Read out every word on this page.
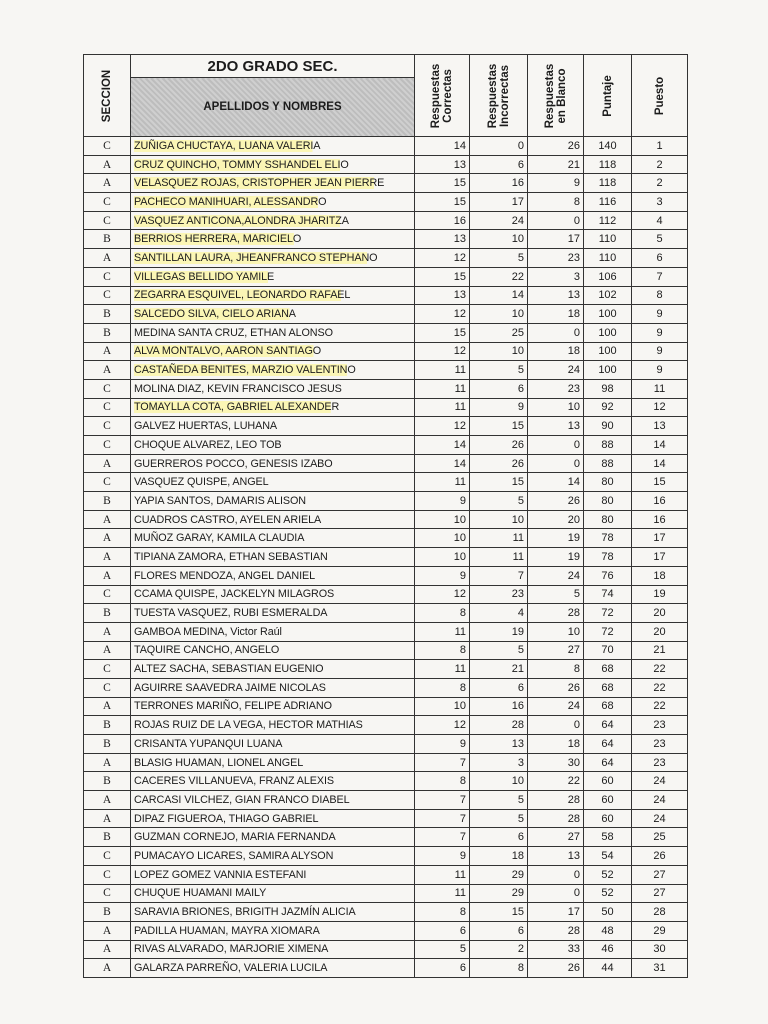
SECCION	2DO GRADO SEC.	Respuestas Correctas	Respuestas Incorrectas	Respuestas en Blanco	Puntaje	Puesto

	APELLIDOS Y NOMBRES					
C	ZUÑIGA CHUCTAYA, LUANA VALERIA	14	0	26	140	1
A	CRUZ QUINCHO, TOMMY SSHANDEL ELIO	13	6	21	118	2
A	VELASQUEZ ROJAS, CRISTOPHER JEAN PIERRE	15	16	9	118	2
C	PACHECO MANIHUARI, ALESSANDRO	15	17	8	116	3
C	VASQUEZ ANTICONA,ALONDRA JHARITZA	16	24	0	112	4
B	BERRIOS HERRERA, MARICIELO	13	10	17	110	5
A	SANTILLAN LAURA, JHEANFRANCO STEPHANO	12	5	23	110	6
C	VILLEGAS BELLIDO YAMILE	15	22	3	106	7
C	ZEGARRA ESQUIVEL, LEONARDO RAFAEL	13	14	13	102	8
B	SALCEDO SILVA, CIELO ARIANA	12	10	18	100	9
B	MEDINA SANTA CRUZ, ETHAN ALONSO	15	25	0	100	9
A	ALVA MONTALVO, AARON SANTIAGO	12	10	18	100	9
A	CASTAÑEDA BENITES, MARZIO VALENTINO	11	5	24	100	9
C	MOLINA DIAZ, KEVIN FRANCISCO JESUS	11	6	23	98	11
C	TOMAYLLA COTA, GABRIEL ALEXANDER	11	9	10	92	12
C	GALVEZ HUERTAS, LUHANA	12	15	13	90	13
C	CHOQUE ALVAREZ, LEO TOB	14	26	0	88	14
A	GUERREROS POCCO, GENESIS IZABO	14	26	0	88	14
C	VASQUEZ QUISPE, ANGEL	11	15	14	80	15
B	YAPIA SANTOS, DAMARIS ALISON	9	5	26	80	16
A	CUADROS CASTRO, AYELEN ARIELA	10	10	20	80	16
A	MUÑOZ GARAY, KAMILA CLAUDIA	10	11	19	78	17
A	TIPIANA ZAMORA, ETHAN SEBASTIAN	10	11	19	78	17
A	FLORES MENDOZA, ANGEL DANIEL	9	7	24	76	18
C	CCAMA QUISPE, JACKELYN MILAGROS	12	23	5	74	19
B	TUESTA VASQUEZ, RUBI ESMERALDA	8	4	28	72	20
A	GAMBOA MEDINA, Victor Raúl	11	19	10	72	20
A	TAQUIRE CANCHO, ANGELO	8	5	27	70	21
C	ALTEZ SACHA, SEBASTIAN EUGENIO	11	21	8	68	22
C	AGUIRRE SAAVEDRA JAIME NICOLAS	8	6	26	68	22
A	TERRONES MARIÑO, FELIPE ADRIANO	10	16	24	68	22
B	ROJAS RUIZ DE LA VEGA, HECTOR MATHIAS	12	28	0	64	23
B	CRISANTA YUPANQUI LUANA	9	13	18	64	23
A	BLASIG HUAMAN, LIONEL ANGEL	7	3	30	64	23
B	CACERES VILLANUEVA, FRANZ ALEXIS	8	10	22	60	24
A	CARCASI VILCHEZ, GIAN FRANCO DIABEL	7	5	28	60	24
A	DIPAZ FIGUEROA, THIAGO GABRIEL	7	5	28	60	24
B	GUZMAN CORNEJO, MARIA FERNANDA	7	6	27	58	25
C	PUMACAYO LICARES, SAMIRA ALYSON	9	18	13	54	26
C	LOPEZ GOMEZ VANNIA ESTEFANI	11	29	0	52	27
C	CHUQUE HUAMANI MAILY	11	29	0	52	27
B	SARAVIA BRIONES, BRIGITH JAZMÍN ALICIA	8	15	17	50	28
A	PADILLA HUAMAN, MAYRA XIOMARA	6	6	28	48	29
A	RIVAS ALVARADO, MARJORIE XIMENA	5	2	33	46	30
A	GALARZA PARREÑO, VALERIA LUCILA	6	8	26	44	31
